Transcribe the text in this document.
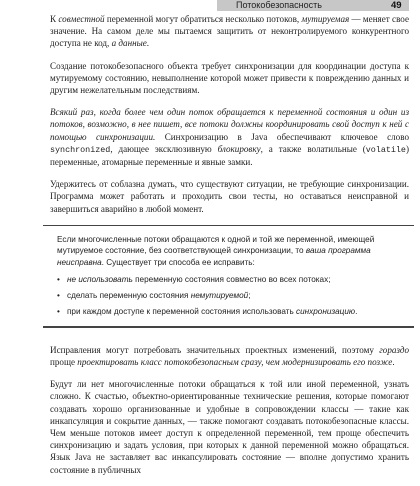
Потокобезопасность	49

К совместной переменной могут обратиться несколько потоков, мутируемая — меняет свое значение. На самом деле мы пытаемся защитить от неконтролируемого конкурентного доступа не код, а данные.

Создание потокобезопасного объекта требует синхронизации для координации доступа к мутируемому состоянию, невыполнение которой может привести к повреждению данных и другим нежелательным последствиям.

Всякий раз, когда более чем один поток обращается к переменной состояния и один из потоков, возможно, в нее пишет, все потоки должны координировать свой доступ к ней с помощью синхронизации. Синхронизацию в Java обеспечивают ключевое слово synchronized, дающее эксклюзивную блокировку, а также волатильные (volatile) переменные, атомарные переменные и явные замки.

Удержитесь от соблазна думать, что существуют ситуации, не требующие синхронизации. Программа может работать и проходить свои тесты, но оставаться неисправной и завершиться аварийно в любой момент.

Если многочисленные потоки обращаются к одной и той же переменной, имеющей мутируемое состояние, без соответствующей синхронизации, то ваша программа неисправна. Существует три способа ее исправить:

• не использовать переменную состояния совместно во всех потоках;
• сделать переменную состояния немутируемой;
• при каждом доступе к переменной состояния использовать синхронизацию.

Исправления могут потребовать значительных проектных изменений, поэтому гораздо проще проектировать класс потокобезопасным сразу, чем модернизировать его позже.

Будут ли нет многочисленные потоки обращаться к той или иной переменной, узнать сложно. К счастью, объектно-ориентированные технические решения, которые помогают создавать хорошо организованные и удобные в сопровождении классы — такие как инкапсуляция и сокрытие данных, — также помогают создавать потокобезопасные классы. Чем меньше потоков имеет доступ к определенной переменной, тем проще обеспечить синхронизацию и задать условия, при которых к данной переменной можно обращаться. Язык Java не заставляет вас инкапсулировать состояние — вполне допустимо хранить состояние в публичных
